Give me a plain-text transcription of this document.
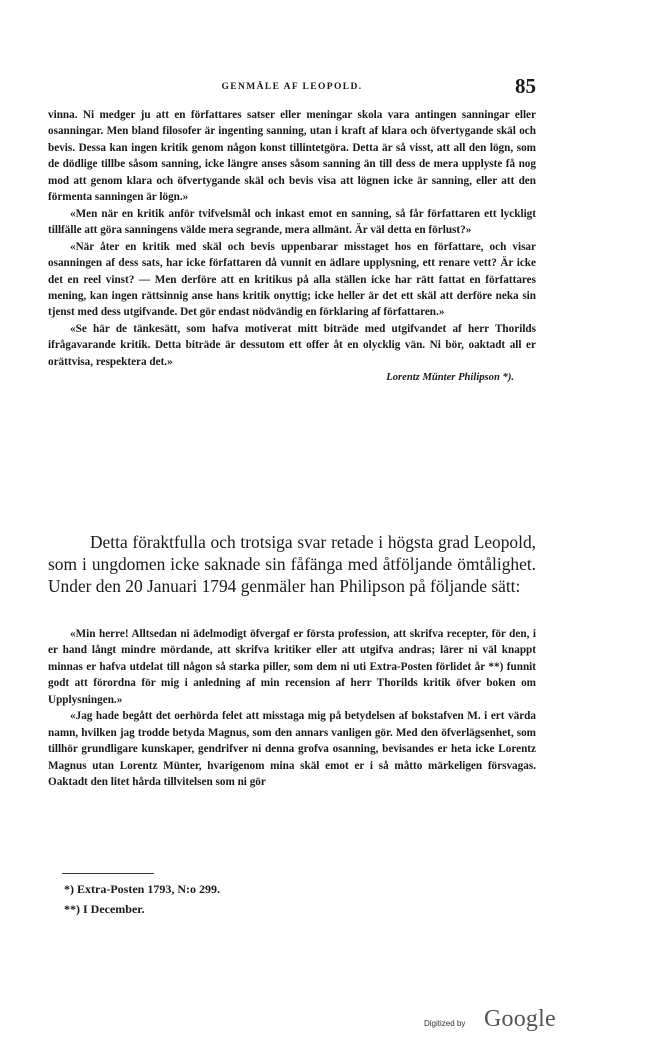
GENMÄLE AF LEOPOLD.	85

vinna. Ni medger ju att en författares satser eller meningar skola vara antingen sanningar eller osanningar. Men bland filosofer är ingenting sanning, utan i kraft af klara och öfvertygande skäl och bevis. Dessa kan ingen kritik genom någon konst tillintetgöra. Detta är så visst, att all den lögn, som de dödlige tillbe såsom sanning, icke längre anses såsom sanning än till dess de mera upplyste få nog mod att genom klara och öfvertygande skäl och bevis visa att lögnen icke är sanning, eller att den förmenta sanningen är lögn.»

«Men när en kritik anför tvifvelsmål och inkast emot en sanning, så får författaren ett lyckligt tillfälle att göra sanningens välde mera segrande, mera allmänt. Är väl detta en förlust?»

«När åter en kritik med skäl och bevis uppenbarar misstaget hos en författare, och visar osanningen af dess sats, har icke författaren då vunnit en ädlare upplysning, ett renare vett? Är icke det en reel vinst? — Men derföre att en kritikus på alla ställen icke har rätt fattat en författares mening, kan ingen rättsinnig anse hans kritik onyttig; icke heller är det ett skäl att derföre neka sin tjenst med dess utgifvande. Det gör endast nödvändig en förklaring af författaren.»

«Se här de tänkesätt, som hafva motiverat mitt biträde med utgifvandet af herr Thorilds ifrågavarande kritik. Detta biträde är dessutom ett offer åt en olycklig vän. Ni bör, oaktadt all er orättvisa, respektera det.»

Lorentz Münter Philipson *).

Detta föraktfulla och trotsiga svar retade i högsta grad Leopold, som i ungdomen icke saknade sin fåfänga med åtföljande ömtålighet. Under den 20 Januari 1794 genmäler han Philipson på följande sätt:

«Min herre! Alltsedan ni ädelmodigt öfvergaf er första profession, att skrifva recepter, för den, i er hand långt mindre mördande, att skrifva kritiker eller att utgifva andras; lärer ni väl knappt minnas er hafva utdelat till någon så starka piller, som dem ni uti Extra-Posten förlidet år **) funnit godt att förordna för mig i anledning af min recension af herr Thorilds kritik öfver boken om Upplysningen.»

«Jag hade begått det oerhörda felet att misstaga mig på betydelsen af bokstafven M. i ert värda namn, hvilken jag trodde betyda Magnus, som den annars vanligen gör. Med den öfverlägsenhet, som tillhör grundligare kunskaper, gendrifver ni denna grofva osanning, bevisandes er heta icke Lorentz Magnus utan Lorentz Münter, hvarigenom mina skäl emot er i så måtto märkeligen försvagas. Oaktadt den litet hårda tillvitelsen som ni gör

*) Extra-Posten 1793, N:o 299.
**) I December.
Digitized by Google
